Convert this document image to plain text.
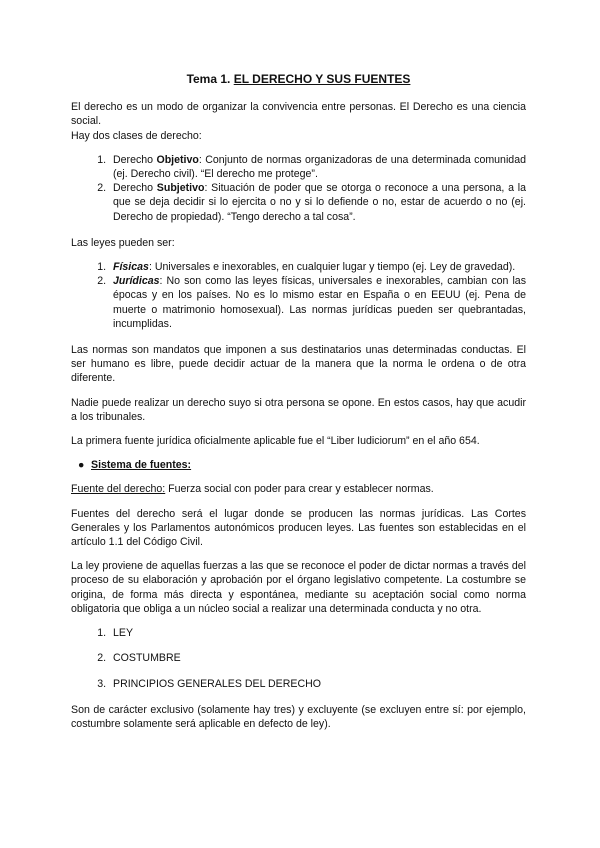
Tema 1. EL DERECHO Y SUS FUENTES

El derecho es un modo de organizar la convivencia entre personas. El Derecho es una ciencia social.

Hay dos clases de derecho:

1. Derecho Objetivo: Conjunto de normas organizadoras de una determinada comunidad (ej. Derecho civil). “El derecho me protege”.
2. Derecho Subjetivo: Situación de poder que se otorga o reconoce a una persona, a la que se deja decidir si lo ejercita o no y si lo defiende o no, estar de acuerdo o no (ej. Derecho de propiedad). “Tengo derecho a tal cosa”.

Las leyes pueden ser:

1. Físicas: Universales e inexorables, en cualquier lugar y tiempo (ej. Ley de gravedad).
2. Jurídicas: No son como las leyes físicas, universales e inexorables, cambian con las épocas y en los países. No es lo mismo estar en España o en EEUU (ej. Pena de muerte o matrimonio homosexual). Las normas jurídicas pueden ser quebrantadas, incumplidas.

Las normas son mandatos que imponen a sus destinatarios unas determinadas conductas. El ser humano es libre, puede decidir actuar de la manera que la norma le ordena o de otra diferente.

Nadie puede realizar un derecho suyo si otra persona se opone. En estos casos, hay que acudir a los tribunales.

La primera fuente jurídica oficialmente aplicable fue el “Liber Iudiciorum” en el año 654.

● Sistema de fuentes:

Fuente del derecho: Fuerza social con poder para crear y establecer normas.

Fuentes del derecho será el lugar donde se producen las normas jurídicas. Las Cortes Generales y los Parlamentos autonómicos producen leyes. Las fuentes son establecidas en el artículo 1.1 del Código Civil.

La ley proviene de aquellas fuerzas a las que se reconoce el poder de dictar normas a través del proceso de su elaboración y aprobación por el órgano legislativo competente. La costumbre se origina, de forma más directa y espontánea, mediante su aceptación social como norma obligatoria que obliga a un núcleo social a realizar una determinada conducta y no otra.

1. LEY
2. COSTUMBRE
3. PRINCIPIOS GENERALES DEL DERECHO

Son de carácter exclusivo (solamente hay tres) y excluyente (se excluyen entre sí: por ejemplo, costumbre solamente será aplicable en defecto de ley).
